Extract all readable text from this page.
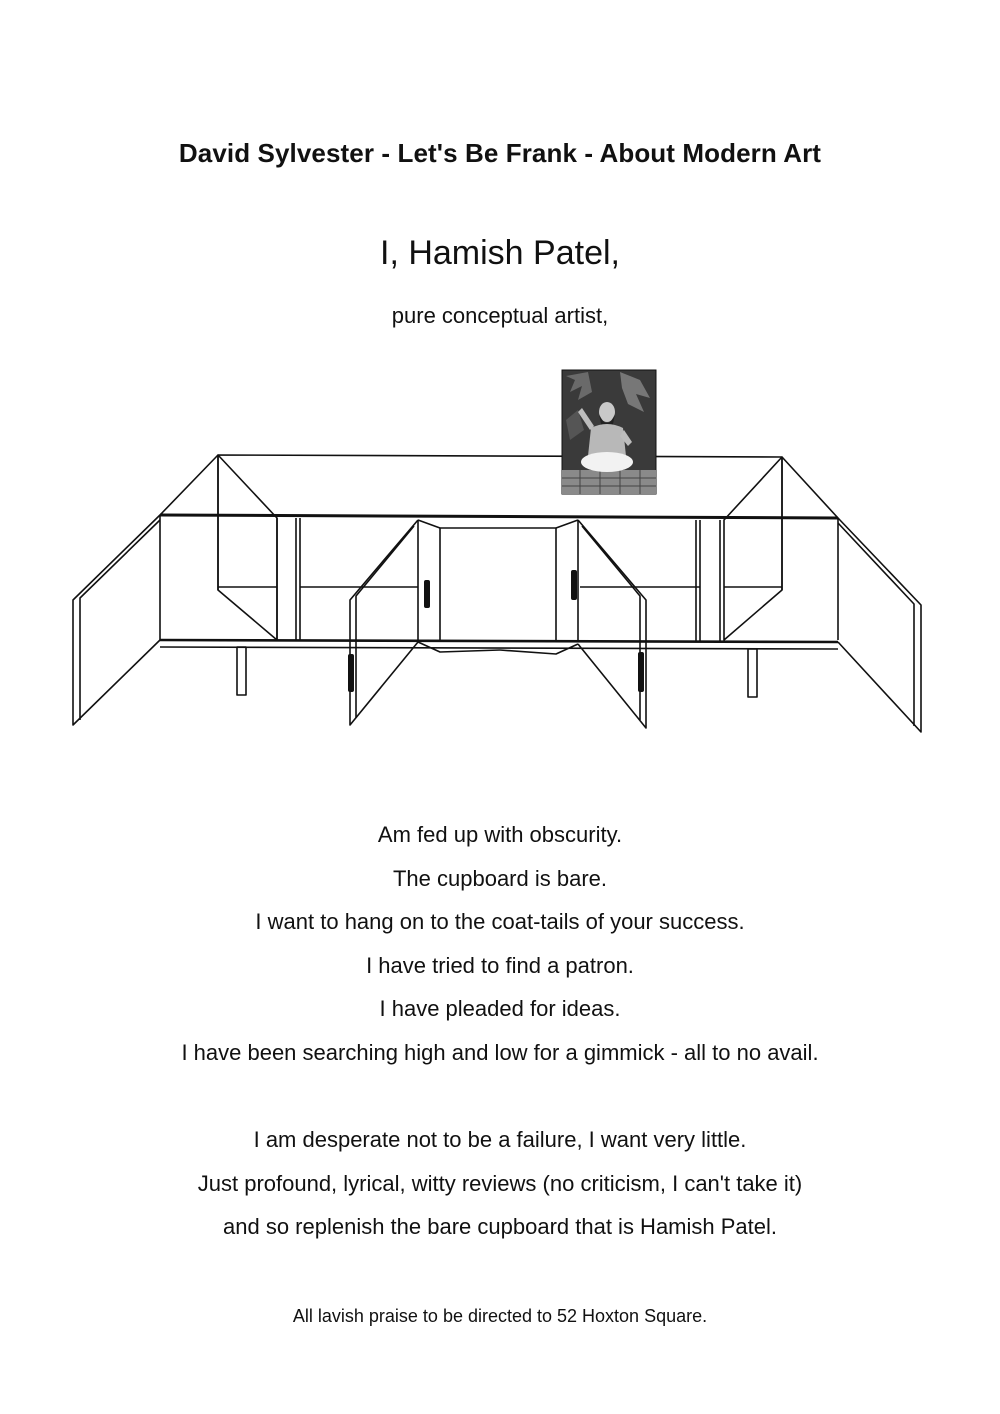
David Sylvester - Let's Be Frank - About Modern Art
I, Hamish Patel,
pure conceptual artist,
Am fed up with obscurity.
The cupboard is bare.
I want to hang on to the coat-tails of your success.
I have tried to find a patron.
I have pleaded for ideas.
I have been searching high and low for a gimmick - all to no avail.
I am desperate not to be a failure, I want very little.
Just profound, lyrical, witty reviews (no criticism, I can't take it)
and so replenish the bare cupboard that is Hamish Patel.
All lavish praise to be directed to 52 Hoxton Square.
